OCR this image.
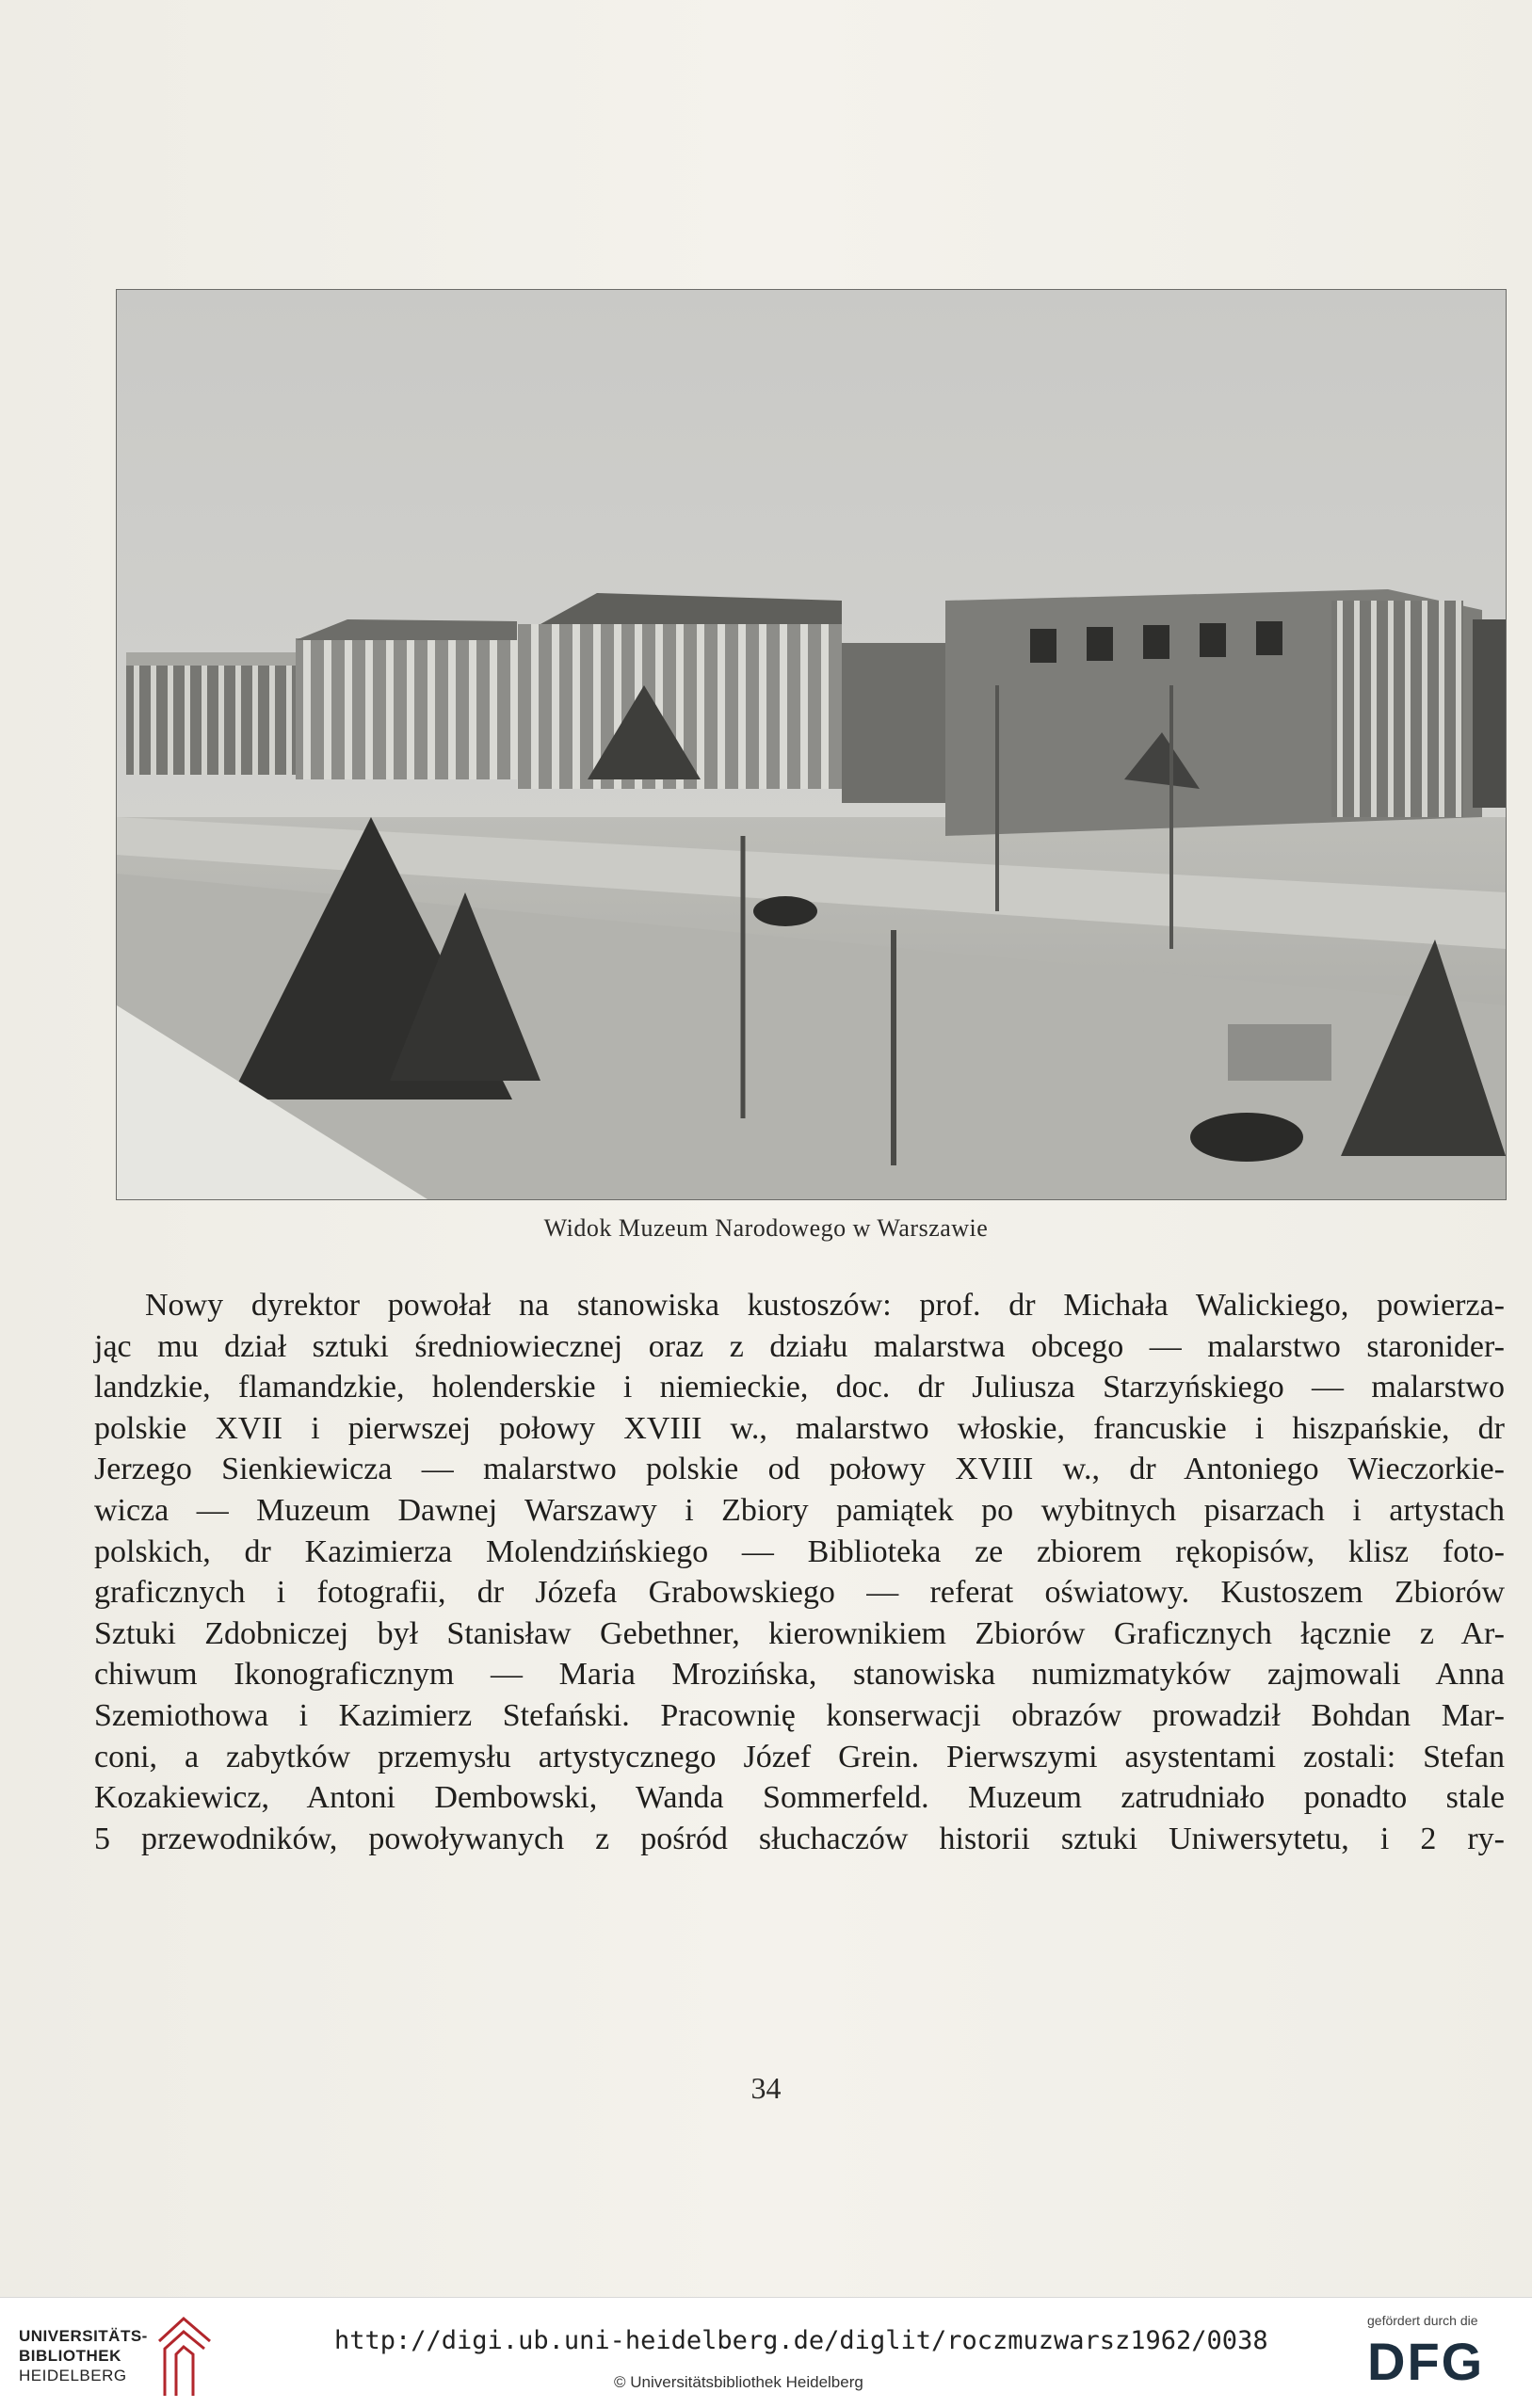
Widok Muzeum Narodowego w Warszawie
Nowy dyrektor powołał na stanowiska kustoszów: prof. dr Michała Walickiego, powierza-
jąc mu dział sztuki średniowiecznej oraz z działu malarstwa obcego — malarstwo staronider-
landzkie, flamandzkie, holenderskie i niemieckie, doc. dr Juliusza Starzyńskiego — malarstwo
polskie XVII i pierwszej połowy XVIII w., malarstwo włoskie, francuskie i hiszpańskie, dr
Jerzego Sienkiewicza — malarstwo polskie od połowy XVIII w., dr Antoniego Wieczorkie-
wicza — Muzeum Dawnej Warszawy i Zbiory pamiątek po wybitnych pisarzach i artystach
polskich, dr Kazimierza Molendzińskiego — Biblioteka ze zbiorem rękopisów, klisz foto-
graficznych i fotografii, dr Józefa Grabowskiego — referat oświatowy. Kustoszem Zbiorów
Sztuki Zdobniczej był Stanisław Gebethner, kierownikiem Zbiorów Graficznych łącznie z Ar-
chiwum Ikonograficznym — Maria Mrozińska, stanowiska numizmatyków zajmowali Anna
Szemiothowa i Kazimierz Stefański. Pracownię konserwacji obrazów prowadził Bohdan Mar-
coni, a zabytków przemysłu artystycznego Józef Grein. Pierwszymi asystentami zostali: Stefan
Kozakiewicz, Antoni Dembowski, Wanda Sommerfeld. Muzeum zatrudniało ponadto stale
5 przewodników, powoływanych z pośród słuchaczów historii sztuki Uniwersytetu, i 2 ry-
34
UNIVERSITÄTS-
BIBLIOTHEK
HEIDELBERG
http://digi.ub.uni-heidelberg.de/diglit/roczmuzwarsz1962/0038
© Universitätsbibliothek Heidelberg
gefördert durch die
DFG
